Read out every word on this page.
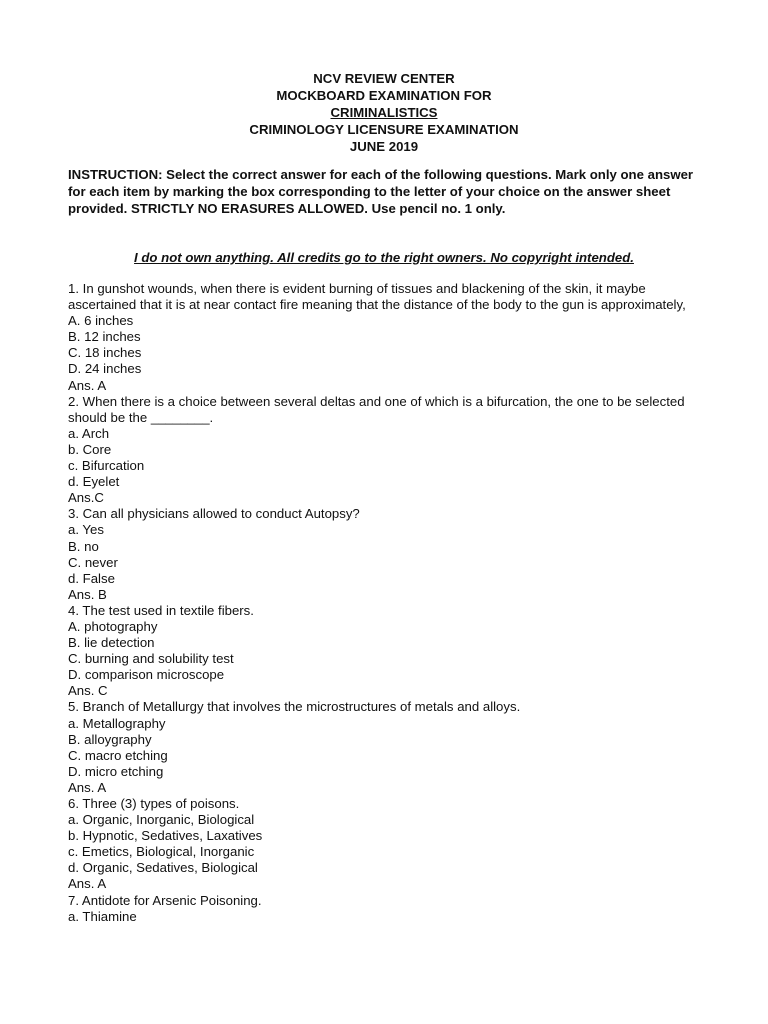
NCV REVIEW CENTER
MOCKBOARD EXAMINATION FOR
CRIMINALISTICS
CRIMINOLOGY LICENSURE EXAMINATION
JUNE 2019
INSTRUCTION: Select the correct answer for each of the following questions. Mark only one answer for each item by marking the box corresponding to the letter of your choice on the answer sheet provided. STRICTLY NO ERASURES ALLOWED. Use pencil no. 1 only.
I do not own anything. All credits go to the right owners. No copyright intended.

1. In gunshot wounds, when there is evident burning of tissues and blackening of the skin, it maybe ascertained that it is at near contact fire meaning that the distance of the body to the gun is approximately,

A. 6 inches

B. 12 inches

C. 18 inches

D. 24 inches

Ans. A

2. When there is a choice between several deltas and one of which is a bifurcation, the one to be selected should be the ________.

a. Arch

b. Core

c. Bifurcation

d. Eyelet

Ans.C

3. Can all physicians allowed to conduct Autopsy?

a. Yes

B. no

C. never

d. False

Ans. B

4. The test used in textile fibers.

A. photography

B. lie detection

C. burning and solubility test

D. comparison microscope

Ans. C

5. Branch of Metallurgy that involves the microstructures of metals and alloys.

a. Metallography

B. alloygraphy

C. macro etching

D. micro etching

Ans. A

6. Three (3) types of poisons.

a. Organic, Inorganic, Biological

b. Hypnotic, Sedatives, Laxatives

c. Emetics, Biological, Inorganic

d. Organic, Sedatives, Biological

Ans. A

7. Antidote for Arsenic Poisoning.

a. Thiamine
